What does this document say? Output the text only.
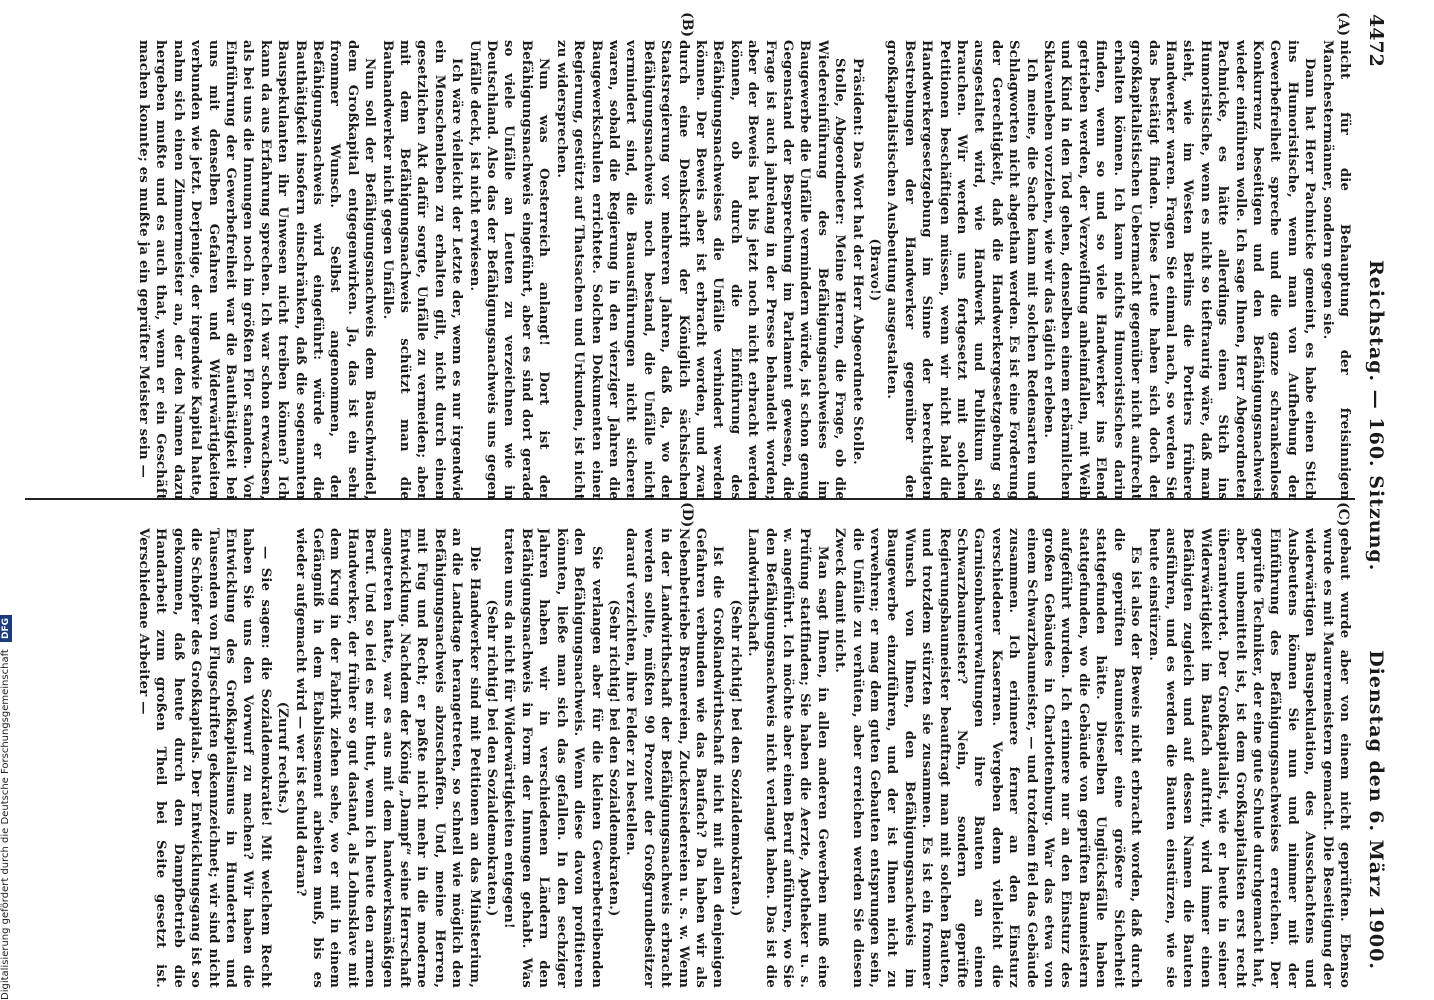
Digitalisierung gefördert durch die Deutsche Forschungsgemeinschaft DFG
4472
Reichstag. — 160. Sitzung.
Dienstag den 6. März 1900.
(A)
(B)
(C)
(D)

nicht für die Behauptung der freisinnigen Manchestermänner, sondern gegen sie.

Dann hat Herr Pachnicke gemeint, es habe einen Stich ins Humoristische, wenn man von Aufhebung der Gewerbefreiheit spreche und die ganze schrankenlose Konkurrenz beseitigen und den Befähigungsnachweis wieder einführen wolle. Ich sage Ihnen, Herr Abgeordneter Pachnicke, es hätte allerdings einen Stich ins Humoristische, wenn es nicht so tieftraurig wäre, daß man sieht, wie im Westen Berlins die Portiers frühere Handwerker waren. Fragen Sie einmal nach, so werden Sie das bestätigt finden. Diese Leute haben sich doch der großkapitalistischen Uebermacht gegenüber nicht aufrecht erhalten können. Ich kann nichts Humoristisches darin finden, wenn so und so viele Handwerker ins Elend getrieben werden, der Verzweiflung anheimfallen, mit Weib und Kind in den Tod gehen, denselben einem erbärmlichen Sklavenleben vorziehen, wie wir das täglich erleben.

Ich meine, die Sache kann mit solchen Redensarten und Schlagworten nicht abgethan werden. Es ist eine Forderung der Gerechtigkeit, daß die Handwerkergesetzgebung so ausgestaltet wird, wie Handwerk und Publikum sie brauchen. Wir werden uns fortgesetzt mit solchen Petitionen beschäftigen müssen, wenn wir nicht bald die Handwerkergesetzgebung im Sinne der berechtigten Bestrebungen der Handwerker gegenüber der großkapitalistischen Ausbeutung ausgestalten.

(Bravo!)

Präsident: Das Wort hat der Herr Abgeordnete Stolle.

Stolle, Abgeordneter: Meine Herren, die Frage, ob die Wiedereinführung des Befähigungsnachweises im Baugewerbe die Unfälle vermindern würde, ist schon genug Gegenstand der Besprechung im Parlament gewesen, die Frage ist auch jahrelang in der Presse behandelt worden; aber der Beweis hat bis jetzt noch nicht erbracht werden können, ob durch die Einführung des Befähigungsnachweises die Unfälle verhindert werden können. Der Beweis aber ist erbracht worden, und zwar durch eine Denkschrift der Königlich sächsischen Staatsregierung vor mehreren Jahren, daß da, wo der Befähigungsnachweis noch bestand, die Unfälle nicht vermindert sind, die Bauausführungen nicht sicherer waren, sobald die Regierung in den vierziger Jahren die Baugewerkschulen errichtete. Solchen Dokumenten einer Regierung, gestützt auf Thatsachen und Urkunden, ist nicht zu widersprechen.

Nun was Oesterreich anlangt! Dort ist der Befähigungsnachweis eingeführt, aber es sind dort gerade so viele Unfälle an Leuten zu verzeichnen wie in Deutschland. Also das der Befähigungsnachweis uns gegen Unfälle deckt, ist nicht erwiesen.

Ich wäre vielleicht der Letzte der, wenn es nur irgendwie ein Menschenleben zu erhalten gilt, nicht durch einen gesetzlichen Akt dafür sorgte, Unfälle zu vermeiden; aber mit dem Befähigungsnachweis schützt man die Bauhandwerker nicht gegen Unfälle.

Nun soll der Befähigungsnachweis dem Bauschwindel, dem Großkapital entgegenwirken. Ja, das ist ein sehr frommer Wunsch. Selbst angenommen, der Befähigungsnachweis wird eingeführt: würde er die Bauthätigkeit insofern einschränken, daß die sogenannten Bauspekulanten ihr Unwesen nicht treiben können? Ich kann da aus Erfahrung sprechen. Ich war schon erwachsen, als bei uns die Innungen noch im größten Flor standen. Vor Einführung der Gewerbefreiheit war die Bauthätigkeit bei uns mit denselben Gefahren und Widerwärtigkeiten verbunden wie jetzt. Derjenige, der irgendwie Kapital hatte, nahm sich einen Zimmermeister an, der den Namen dazu hergeben mußte und es auch that, wenn er ein Geschäft machen konnte; es mußte ja ein geprüfter Meister sein —

gebaut wurde aber von einem nicht geprüften. Ebenso wurde es mit Maurermeistern gemacht. Die Beseitigung der widerwärtigen Bauspekulation, des Ausschachtens und Ausbeutens können Sie nun und nimmer mit der Einführung des Befähigungsnachweises erreichen. Der geprüfte Techniker, der eine gute Schule durchgemacht hat, aber unbemittelt ist, ist dem Großkapitalisten erst recht überantwortet. Der Großkapitalist, wie er heute in seiner Widerwärtigkeit im Baufach auftritt, wird immer einen Befähigten zugleich und auf dessen Namen die Bauten ausführen, und es werden die Bauten einstürzen, wie sie heute einstürzen.

Es ist also der Beweis nicht erbracht worden, daß durch die geprüften Baumeister eine größere Sicherheit stattgefunden hätte. Dieselben Unglücksfälle haben stattgefunden, wo die Gebäude von geprüften Baumeistern aufgeführt wurden. Ich erinnere nur an den Einsturz des großen Gebäudes in Charlottenburg. War das etwa von einem Schwarzbaumeister, — und trotzdem fiel das Gebäude zusammen. Ich erinnere ferner an den Einsturz verschiedener Kasernen. Vergeben denn vielleicht die Garnisonbauverwaltungen ihre Bauten an einen Schwarzbaumeister? Nein, sondern geprüfte Regierungsbaumeister beauftragt man mit solchen Bauten, und trotzdem stürzten sie zusammen. Es ist ein frommer Wunsch von Ihnen, den Befähigungsnachweis im Baugewerbe einzuführen, und der ist Ihnen nicht zu verwehren; er mag dem guten Gebauten entsprungen sein, die Unfälle zu verhüten, aber erreichen werden Sie diesen Zweck damit nicht.

Man sagt Ihnen, in allen anderen Gewerben muß eine Prüfung stattfinden; Sie haben die Aerzte, Apotheker u. s. w. angeführt. Ich möchte aber einen Beruf anführen, wo Sie den Befähigungsnachweis nicht verlangt haben. Das ist die Landwirthschaft.

(Sehr richtig! bei den Sozialdemokraten.)

Ist die Großlandwirthschaft nicht mit allen denjenigen Gefahren verbunden wie das Baufach? Da haben wir als Nebenbetriebe Brennereien, Zuckersiedereien u. s. w. Wenn in der Landwirthschaft der Befähigungsnachweis erbracht werden sollte, müßten 90 Prozent der Großgrundbesitzer darauf verzichten, ihre Felder zu bestellen.

(Sehr richtig! bei den Sozialdemokraten.)

Sie verlangen aber für die kleinen Gewerbetreibenden den Befähigungsnachweis. Wenn diese davon profitieren könnten, ließe man sich das gefallen. In den sechziger Jahren haben wir in verschiedenen Ländern den Befähigungsnachweis in Form der Innungen gehabt. Was traten uns da nicht für Widerwärtigkeiten entgegen!

(Sehr richtig! bei den Sozialdemokraten.)

Die Handwerker sind mit Petitionen an das Ministerium, an die Landtage herangetreten, so schnell wie möglich den Befähigungsnachweis abzuschaffen. Und, meine Herren, mit Fug und Recht; er paßte nicht mehr in die moderne Entwicklung. Nachdem der König „Dampf“ seine Herrschaft angetreten hatte, war es aus mit dem handwerksmäßigen Beruf. Und so leid es mir thut, wenn ich heute den armen Handwerker, der früher so gut dastand, als Lohnsklave mit dem Krug in der Fabrik ziehen sehe, wo er mit in einem Gefängniß in dem Etablissement arbeiten muß, bis es wieder aufgemacht wird — wer ist schuld daran?

(Zuruf rechts.)

— Sie sagen: die Sozialdemokratie! Mit welchem Recht haben Sie uns den Vorwurf zu machen? Wir haben die Entwicklung des Großkapitalismus in Hunderten und Tausenden von Flugschriften gekennzeichnet; wir sind nicht die Schöpfer des Großkapitals. Der Entwicklungsgang ist so gekommen, daß heute durch den Dampfbetrieb die Handarbeit zum großen Theil bei Seite gesetzt ist. Verschiedene Arbeiter —
